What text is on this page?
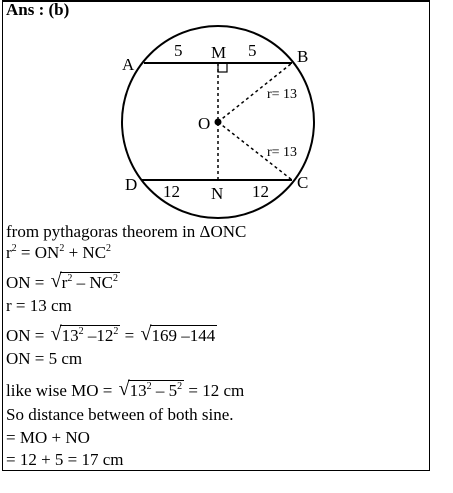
Ans : (b)
A	B
C
D
M
N
O
5	5
12	12
r= 13
r= 13
from pythagoras theorem in ΔONC
$r^2 = ON^2 + NC^2$
ON = √ $r^2 - NC^2$
r = 13 cm
ON = √ $13^2$ $-12^2$ = √ 169 –144
ON = 5 cm
like wise MO = √ $13^2 - 5^2 = 12$ cm
So distance between of both sine.
= MO + NO
= 12 + 5 = 17 cm
